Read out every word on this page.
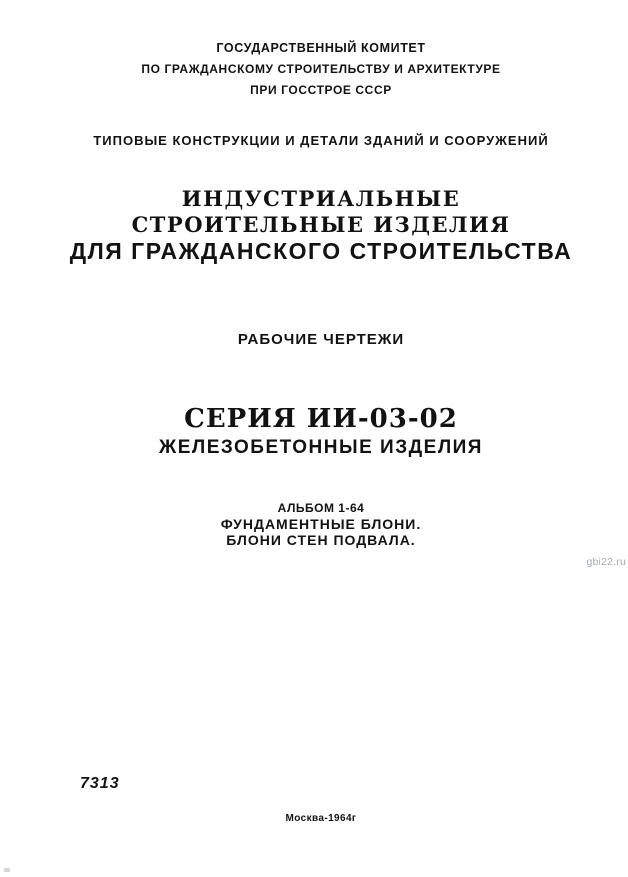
ГОСУДАРСТВЕННЫЙ КОМИТЕТ
ПО ГРАЖДАНСКОМУ СТРОИТЕЛЬСТВУ И АРХИТЕКТУРЕ
ПРИ ГОССТРОЕ СССР
ТИПОВЫЕ КОНСТРУКЦИИ И ДЕТАЛИ ЗДАНИЙ И СООРУЖЕНИЙ
ИНДУСТРИАЛЬНЫЕ
СТРОИТЕЛЬНЫЕ ИЗДЕЛИЯ
ДЛЯ ГРАЖДАНСКОГО СТРОИТЕЛЬСТВА
РАБОЧИЕ ЧЕРТЕЖИ
СЕРИЯ ИИ-03-02
ЖЕЛЕЗОБЕТОННЫЕ ИЗДЕЛИЯ
АЛЬБОМ 1-64
ФУНДАМЕНТНЫЕ БЛОНИ.
БЛОНИ СТЕН ПОДВАЛА.
gbi22.ru
7313
Москва-1964г
